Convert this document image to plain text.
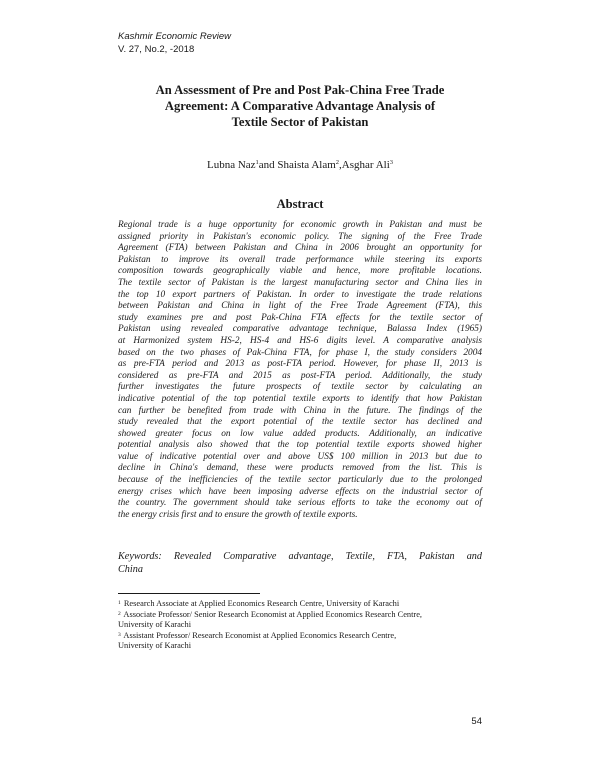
Kashmir Economic Review
V. 27, No.2, -2018
An Assessment of Pre and Post Pak-China Free Trade
Agreement: A Comparative Advantage Analysis of
Textile Sector of Pakistan
Lubna Naz$^1$and Shaista Alam$^2$,Asghar Ali$^3$
Abstract
Regional trade is a huge opportunity for economic growth in Pakistan and must be
assigned priority in Pakistan's economic policy. The signing of the Free Trade
Agreement (FTA) between Pakistan and China in 2006 brought an opportunity for
Pakistan to improve its overall trade performance while steering its exports
composition towards geographically viable and hence, more profitable locations.
The textile sector of Pakistan is the largest manufacturing sector and China lies in
the top 10 export partners of Pakistan. In order to investigate the trade relations
between Pakistan and China in light of the Free Trade Agreement (FTA), this
study examines pre and post Pak-China FTA effects for the textile sector of
Pakistan using revealed comparative advantage technique, Balassa Index (1965)
at Harmonized system HS-2, HS-4 and HS-6 digits level. A comparative analysis
based on the two phases of Pak-China FTA, for phase I, the study considers 2004
as pre-FTA period and 2013 as post-FTA period. However, for phase II, 2013 is
considered as pre-FTA and 2015 as post-FTA period. Additionally, the study
further investigates the future prospects of textile sector by calculating an
indicative potential of the top potential textile exports to identify that how Pakistan
can further be benefited from trade with China in the future. The findings of the
study revealed that the export potential of the textile sector has declined and
showed greater focus on low value added products. Additionally, an indicative
potential analysis also showed that the top potential textile exports showed higher
value of indicative potential over and above US$ 100 million in 2013 but due to
decline in China's demand, these were products removed from the list. This is
because of the inefficiencies of the textile sector particularly due to the prolonged
energy crises which have been imposing adverse effects on the industrial sector of
the country. The government should take serious efforts to take the economy out of
the energy crisis first and to ensure the growth of textile exports.
Keywords: Revealed Comparative advantage, Textile, FTA, Pakistan and
China
$^1$ Research Associate at Applied Economics Research Centre, University of Karachi
$^2$ Associate Professor/ Senior Research Economist at Applied Economics Research Centre,
University of Karachi
$^3$ Assistant Professor/ Research Economist at Applied Economics Research Centre,
University of Karachi
54
